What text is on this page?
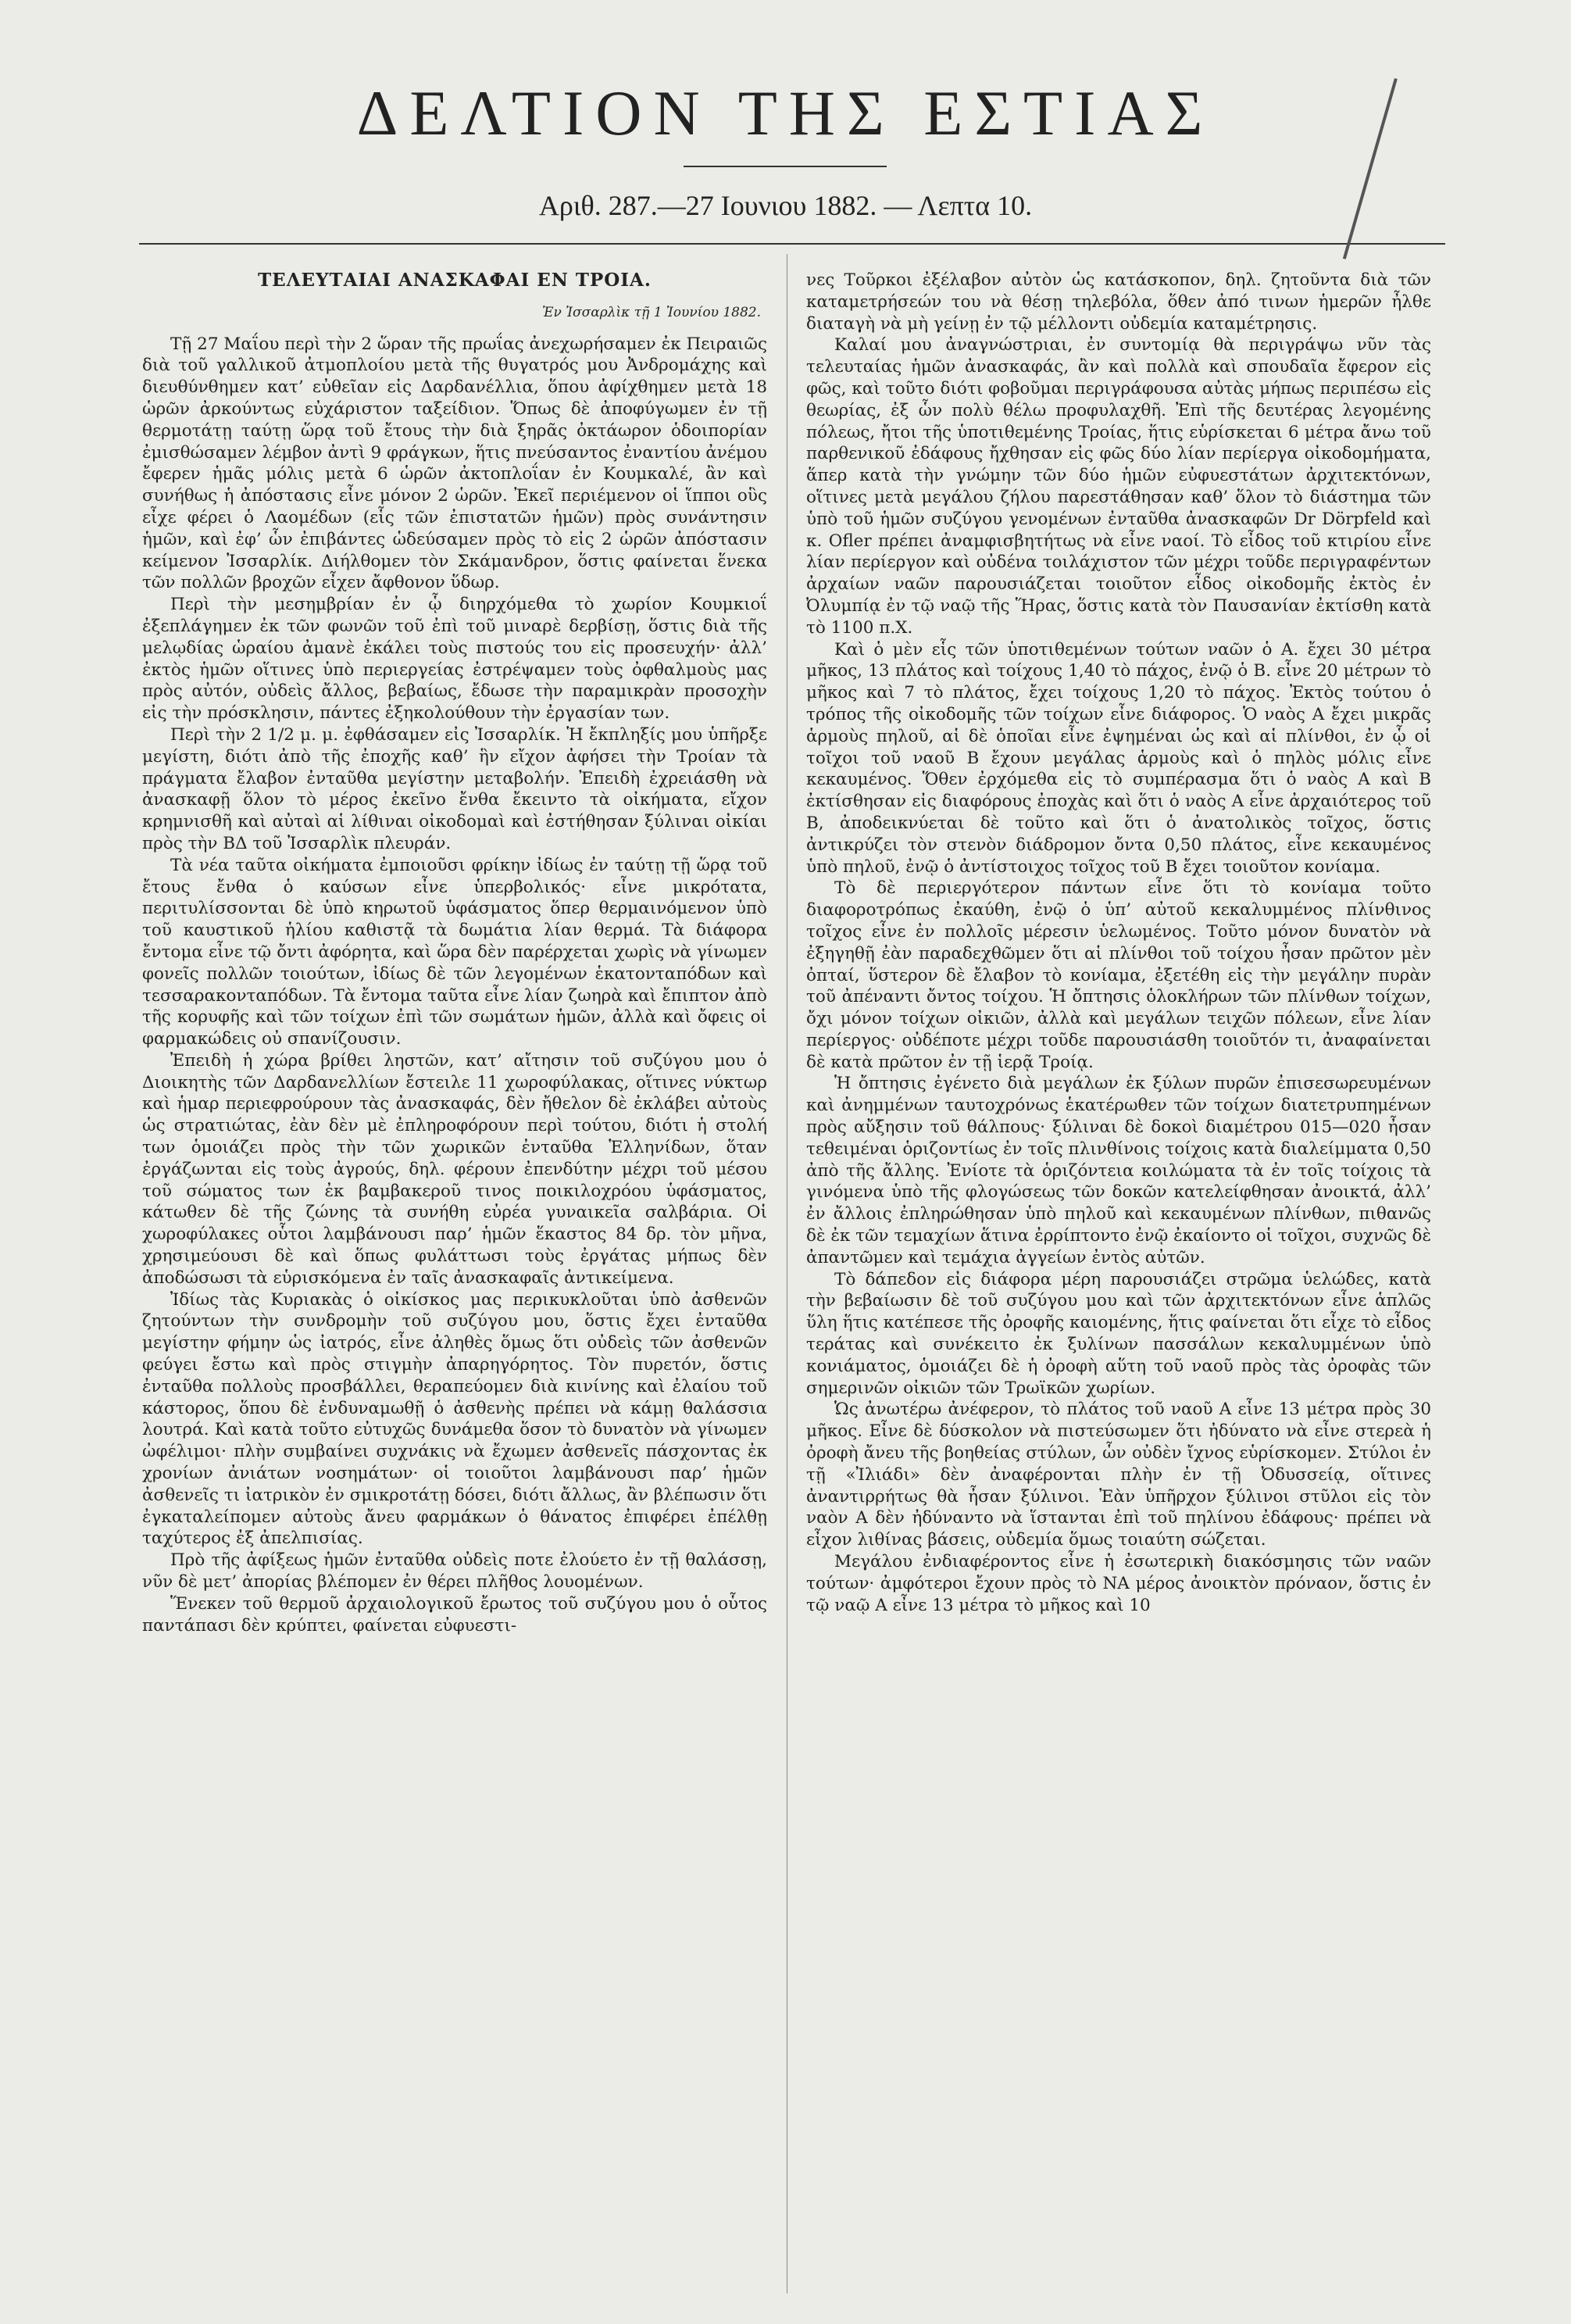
ΔΕΛΤΙΟΝ ΤΗΣ ΕΣΤΙΑΣ
Αριθ. 287.—27 Ιουνιου 1882. — Λεπτα 10.
ΤΕΛΕΥΤΑΙΑΙ ΑΝΑΣΚΑΦΑΙ ΕΝ ΤΡΟΙΑ.
Ἐν Ἰσσαρλὶκ τῇ 1 Ἰουνίου 1882.

Τῇ 27 Μαΐου περὶ τὴν 2 ὥραν τῆς πρωΐας ἀνεχωρήσαμεν ἐκ Πειραιῶς διὰ τοῦ γαλλικοῦ ἀτμοπλοίου μετὰ τῆς θυγατρός μου Ἀνδρομάχης καὶ διευθύνθημεν κατ’ εὐθεῖαν εἰς Δαρδανέλλια, ὅπου ἀφίχθημεν μετὰ 18 ὡρῶν ἀρκούντως εὐχάριστον ταξείδιον. Ὅπως δὲ ἀποφύγωμεν ἐν τῇ θερμοτάτῃ ταύτῃ ὥρᾳ τοῦ ἔτους τὴν διὰ ξηρᾶς ὀκτάωρον ὁδοιπορίαν ἐμισθώσαμεν λέμβον ἀντὶ 9 φράγκων, ἥτις πνεύσαντος ἐναντίου ἀνέμου ἔφερεν ἡμᾶς μόλις μετὰ 6 ὡρῶν ἀκτοπλοΐαν ἐν Κουμκαλέ, ἂν καὶ συνήθως ἡ ἀπόστασις εἶνε μόνον 2 ὡρῶν. Ἐκεῖ περιέμενον οἱ ἵπποι οὓς εἶχε φέρει ὁ Λαομέδων (εἷς τῶν ἐπιστατῶν ἡμῶν) πρὸς συνάντησιν ἡμῶν, καὶ ἐφ’ ὧν ἐπιβάντες ὡδεύσαμεν πρὸς τὸ εἰς 2 ὡρῶν ἀπόστασιν κείμενον Ἰσσαρλίκ. Διήλθομεν τὸν Σκάμανδρον, ὅστις φαίνεται ἕνεκα τῶν πολλῶν βροχῶν εἶχεν ἄφθονον ὕδωρ.

Περὶ τὴν μεσημβρίαν ἐν ᾧ διηρχόμεθα τὸ χωρίον Κουμκιοΐ ἐξεπλάγημεν ἐκ τῶν φωνῶν τοῦ ἐπὶ τοῦ μιναρὲ δερβίσῃ, ὅστις διὰ τῆς μελῳδίας ὡραίου ἀμανὲ ἐκάλει τοὺς πιστούς του εἰς προσευχήν· ἀλλ’ ἐκτὸς ἡμῶν οἵτινες ὑπὸ περιεργείας ἐστρέψαμεν τοὺς ὀφθαλμοὺς μας πρὸς αὐτόν, οὐδεὶς ἄλλος, βεβαίως, ἔδωσε τὴν παραμικρὰν προσοχὴν εἰς τὴν πρόσκλησιν, πάντες ἐξηκολούθουν τὴν ἐργασίαν των.

Περὶ τὴν 2 1/2 μ. μ. ἐφθάσαμεν εἰς Ἰσσαρλίκ. Ἡ ἔκπληξίς μου ὑπῆρξε μεγίστη, διότι ἀπὸ τῆς ἐποχῆς καθ’ ἣν εἴχον ἀφήσει τὴν Τροίαν τὰ πράγματα ἔλαβον ἐνταῦθα μεγίστην μεταβολήν. Ἐπειδὴ ἐχρειάσθη νὰ ἀνασκαφῇ ὅλον τὸ μέρος ἐκεῖνο ἔνθα ἔκειντο τὰ οἰκήματα, εἴχον κρημνισθῆ καὶ αὐταὶ αἱ λίθιναι οἰκοδομαὶ καὶ ἐστήθησαν ξύλιναι οἰκίαι πρὸς τὴν ΒΔ τοῦ Ἰσσαρλὶκ πλευράν.

Τὰ νέα ταῦτα οἰκήματα ἐμποιοῦσι φρίκην ἰδίως ἐν ταύτῃ τῇ ὥρᾳ τοῦ ἔτους ἔνθα ὁ καύσων εἶνε ὑπερβολικός· εἶνε μικρότατα, περιτυλίσσονται δὲ ὑπὸ κηρωτοῦ ὑφάσματος ὅπερ θερμαινόμενον ὑπὸ τοῦ καυστικοῦ ἡλίου καθιστᾷ τὰ δωμάτια λίαν θερμά. Τὰ διάφορα ἔντομα εἶνε τῷ ὄντι ἀφόρητα, καὶ ὥρα δὲν παρέρχεται χωρὶς νὰ γίνωμεν φονεῖς πολλῶν τοιούτων, ἰδίως δὲ τῶν λεγομένων ἑκατονταπόδων καὶ τεσσαρακονταπόδων. Τὰ ἔντομα ταῦτα εἶνε λίαν ζωηρὰ καὶ ἔπιπτον ἀπὸ τῆς κορυφῆς καὶ τῶν τοίχων ἐπὶ τῶν σωμάτων ἡμῶν, ἀλλὰ καὶ ὄφεις οἱ φαρμακώδεις οὐ σπανίζουσιν.

Ἐπειδὴ ἡ χώρα βρίθει ληστῶν, κατ’ αἴτησιν τοῦ συζύγου μου ὁ Διοικητὴς τῶν Δαρδανελλίων ἔστειλε 11 χωροφύλακας, οἵτινες νύκτωρ καὶ ἡμαρ περιεφρούρουν τὰς ἀνασκαφάς, δὲν ἤθελον δὲ ἐκλάβει αὐτοὺς ὡς στρατιώτας, ἐὰν δὲν μὲ ἐπληροφόρουν περὶ τούτου, διότι ἡ στολή των ὁμοιάζει πρὸς τὴν τῶν χωρικῶν ἐνταῦθα Ἑλληνίδων, ὅταν ἐργάζωνται εἰς τοὺς ἀγρούς, δηλ. φέρουν ἐπενδύτην μέχρι τοῦ μέσου τοῦ σώματος των ἐκ βαμβακεροῦ τινος ποικιλοχρόου ὑφάσματος, κάτωθεν δὲ τῆς ζώνης τὰ συνήθη εὐρέα γυναικεῖα σαλβάρια. Οἱ χωροφύλακες οὗτοι λαμβάνουσι παρ’ ἡμῶν ἕκαστος 84 δρ. τὸν μῆνα, χρησιμεύουσι δὲ καὶ ὅπως φυλάττωσι τοὺς ἐργάτας μήπως δὲν ἀποδώσωσι τὰ εὑρισκόμενα ἐν ταῖς ἀνασκαφαῖς ἀντικείμενα.

Ἰδίως τὰς Κυριακὰς ὁ οἰκίσκος μας περικυκλοῦται ὑπὸ ἀσθενῶν ζητούντων τὴν συνδρομὴν τοῦ συζύγου μου, ὅστις ἔχει ἐνταῦθα μεγίστην φήμην ὡς ἰατρός, εἶνε ἀληθὲς ὅμως ὅτι οὐδεὶς τῶν ἀσθενῶν φεύγει ἔστω καὶ πρὸς στιγμὴν ἀπαρηγόρητος. Τὸν πυρετόν, ὅστις ἐνταῦθα πολλοὺς προσβάλλει, θεραπεύομεν διὰ κινίνης καὶ ἐλαίου τοῦ κάστορος, ὅπου δὲ ἐνδυναμωθῇ ὁ ἀσθενὴς πρέπει νὰ κάμῃ θαλάσσια λουτρά. Καὶ κατὰ τοῦτο εὐτυχῶς δυνάμεθα ὅσον τὸ δυνατὸν νὰ γίνωμεν ὠφέλιμοι· πλὴν συμβαίνει συχνάκις νὰ ἔχωμεν ἀσθενεῖς πάσχοντας ἐκ χρονίων ἀνιάτων νοσημάτων· οἱ τοιοῦτοι λαμβάνουσι παρ’ ἡμῶν ἀσθενεῖς τι ἰατρικὸν ἐν σμικροτάτῃ δόσει, διότι ἄλλως, ἂν βλέπωσιν ὅτι ἐγκαταλείπομεν αὐτοὺς ἄνευ φαρμάκων ὁ θάνατος ἐπιφέρει ἐπέλθῃ ταχύτερος ἐξ ἀπελπισίας.

Πρὸ τῆς ἀφίξεως ἡμῶν ἐνταῦθα οὐδεὶς ποτε ἐλούετο ἐν τῇ θαλάσσῃ, νῦν δὲ μετ’ ἀπορίας βλέπομεν ἐν θέρει πλῆθος λουομένων.

Ἕνεκεν τοῦ θερμοῦ ἀρχαιολογικοῦ ἔρωτος τοῦ συζύγου μου ὁ οὗτος παντάπασι δὲν κρύπτει, φαίνεται εὐφυεστι-

νες Τοῦρκοι ἐξέλαβον αὐτὸν ὡς κατάσκοπον, δηλ. ζητοῦντα διὰ τῶν καταμετρήσεών του νὰ θέσῃ τηλεβόλα, ὅθεν ἀπό τινων ἡμερῶν ἦλθε διαταγὴ νὰ μὴ γείνῃ ἐν τῷ μέλλοντι οὐδεμία καταμέτρησις.

Καλαί μου ἀναγνώστριαι, ἐν συντομίᾳ θὰ περιγράψω νῦν τὰς τελευταίας ἡμῶν ἀνασκαφάς, ἂν καὶ πολλὰ καὶ σπουδαῖα ἔφερον εἰς φῶς, καὶ τοῦτο διότι φοβοῦμαι περιγράφουσα αὐτὰς μήπως περιπέσω εἰς θεωρίας, ἐξ ὧν πολὺ θέλω προφυλαχθῆ. Ἐπὶ τῆς δευτέρας λεγομένης πόλεως, ἤτοι τῆς ὑποτιθεμένης Τροίας, ἥτις εὑρίσκεται 6 μέτρα ἄνω τοῦ παρθενικοῦ ἐδάφους ἤχθησαν εἰς φῶς δύο λίαν περίεργα οἰκοδομήματα, ἅπερ κατὰ τὴν γνώμην τῶν δύο ἡμῶν εὐφυεστάτων ἀρχιτεκτόνων, οἵτινες μετὰ μεγάλου ζήλου παρεστάθησαν καθ’ ὅλον τὸ διάστημα τῶν ὑπὸ τοῦ ἡμῶν συζύγου γενομένων ἐνταῦθα ἀνασκαφῶν Dr Dörpfeld καὶ κ. Ofler πρέπει ἀναμφισβητήτως νὰ εἶνε ναοί. Τὸ εἶδος τοῦ κτιρίου εἶνε λίαν περίεργον καὶ οὐδένα τοιλάχιστον τῶν μέχρι τοῦδε περιγραφέντων ἀρχαίων ναῶν παρουσιάζεται τοιοῦτον εἶδος οἰκοδομῆς ἐκτὸς ἐν Ὀλυμπίᾳ ἐν τῷ ναῷ τῆς Ἥρας, ὅστις κατὰ τὸν Παυσανίαν ἐκτίσθη κατὰ τὸ 1100 π.Χ.

Καὶ ὁ μὲν εἷς τῶν ὑποτιθεμένων τούτων ναῶν ὁ Α. ἔχει 30 μέτρα μῆκος, 13 πλάτος καὶ τοίχους 1,40 τὸ πάχος, ἐνῷ ὁ Β. εἶνε 20 μέτρων τὸ μῆκος καὶ 7 τὸ πλάτος, ἔχει τοίχους 1,20 τὸ πάχος. Ἐκτὸς τούτου ὁ τρόπος τῆς οἰκοδομῆς τῶν τοίχων εἶνε διάφορος. Ὁ ναὸς Α ἔχει μικρᾶς ἁρμοὺς πηλοῦ, αἱ δὲ ὁποῖαι εἶνε ἐψημέναι ὡς καὶ αἱ πλίνθοι, ἐν ᾧ οἱ τοῖχοι τοῦ ναοῦ Β ἔχουν μεγάλας ἁρμοὺς καὶ ὁ πηλὸς μόλις εἶνε κεκαυμένος. Ὅθεν ἐρχόμεθα εἰς τὸ συμπέρασμα ὅτι ὁ ναὸς Α καὶ Β ἐκτίσθησαν εἰς διαφόρους ἐποχὰς καὶ ὅτι ὁ ναὸς Α εἶνε ἀρχαιότερος τοῦ Β, ἀποδεικνύεται δὲ τοῦτο καὶ ὅτι ὁ ἀνατολικὸς τοῖχος, ὅστις ἀντικρύζει τὸν στενὸν διάδρομον ὄντα 0,50 πλάτος, εἶνε κεκαυμένος ὑπὸ πηλοῦ, ἐνῷ ὁ ἀντίστοιχος τοῖχος τοῦ Β ἔχει τοιοῦτον κονίαμα.

Τὸ δὲ περιεργότερον πάντων εἶνε ὅτι τὸ κονίαμα τοῦτο διαφοροτρόπως ἐκαύθη, ἐνῷ ὁ ὑπ’ αὐτοῦ κεκαλυμμένος πλίνθινος τοῖχος εἶνε ἐν πολλοῖς μέρεσιν ὑελωμένος. Τοῦτο μόνον δυνατὸν νὰ ἐξηγηθῇ ἐὰν παραδεχθῶμεν ὅτι αἱ πλίνθοι τοῦ τοίχου ἦσαν πρῶτον μὲν ὀπταί, ὕστερον δὲ ἔλαβον τὸ κονίαμα, ἐξετέθη εἰς τὴν μεγάλην πυρὰν τοῦ ἀπέναντι ὄντος τοίχου. Ἡ ὄπτησις ὁλοκλήρων τῶν πλίνθων τοίχων, ὄχι μόνον τοίχων οἰκιῶν, ἀλλὰ καὶ μεγάλων τειχῶν πόλεων, εἶνε λίαν περίεργος· οὐδέποτε μέχρι τοῦδε παρουσιάσθη τοιοῦτόν τι, ἀναφαίνεται δὲ κατὰ πρῶτον ἐν τῇ ἱερᾷ Τροίᾳ.

Ἡ ὄπτησις ἐγένετο διὰ μεγάλων ἐκ ξύλων πυρῶν ἐπισεσωρευμένων καὶ ἀνημμένων ταυτοχρόνως ἑκατέρωθεν τῶν τοίχων διατετρυπημένων πρὸς αὔξησιν τοῦ θάλπους· ξύλιναι δὲ δοκοὶ διαμέτρου 015—020 ἦσαν τεθειμέναι ὁριζοντίως ἐν τοῖς πλινθίνοις τοίχοις κατὰ διαλείμματα 0,50 ἀπὸ τῆς ἄλλης. Ἐνίοτε τὰ ὁριζόντεια κοιλώματα τὰ ἐν τοῖς τοίχοις τὰ γινόμενα ὑπὸ τῆς φλογώσεως τῶν δοκῶν κατελείφθησαν ἀνοικτά, ἀλλ’ ἐν ἄλλοις ἐπληρώθησαν ὑπὸ πηλοῦ καὶ κεκαυμένων πλίνθων, πιθανῶς δὲ ἐκ τῶν τεμαχίων ἅτινα ἐρρίπτοντο ἐνῷ ἐκαίοντο οἱ τοῖχοι, συχνῶς δὲ ἀπαντῶμεν καὶ τεμάχια ἀγγείων ἐντὸς αὐτῶν.

Τὸ δάπεδον εἰς διάφορα μέρη παρουσιάζει στρῶμα ὑελώδες, κατὰ τὴν βεβαίωσιν δὲ τοῦ συζύγου μου καὶ τῶν ἀρχιτεκτόνων εἶνε ἁπλῶς ὕλη ἥτις κατέπεσε τῆς ὀροφῆς καιομένης, ἥτις φαίνεται ὅτι εἶχε τὸ εἶδος τεράτας καὶ συνέκειτο ἐκ ξυλίνων πασσάλων κεκαλυμμένων ὑπὸ κονιάματος, ὁμοιάζει δὲ ἡ ὀροφὴ αὕτη τοῦ ναοῦ πρὸς τὰς ὀροφὰς τῶν σημερινῶν οἰκιῶν τῶν Τρωϊκῶν χωρίων.

Ὡς ἀνωτέρω ἀνέφερον, τὸ πλάτος τοῦ ναοῦ Α εἶνε 13 μέτρα πρὸς 30 μῆκος. Εἶνε δὲ δύσκολον νὰ πιστεύσωμεν ὅτι ἠδύνατο νὰ εἶνε στερεὰ ἡ ὀροφὴ ἄνευ τῆς βοηθείας στύλων, ὧν οὐδὲν ἴχνος εὑρίσκομεν. Στύλοι ἐν τῇ «Ἰλιάδι» δὲν ἀναφέρονται πλὴν ἐν τῇ Ὀδυσσείᾳ, οἵτινες ἀναντιρρήτως θὰ ἦσαν ξύλινοι. Ἐὰν ὑπῆρχον ξύλινοι στῦλοι εἰς τὸν ναὸν Α δὲν ἠδύναντο νὰ ἵστανται ἐπὶ τοῦ πηλίνου ἐδάφους· πρέπει νὰ εἶχον λιθίνας βάσεις, οὐδεμία ὅμως τοιαύτη σώζεται.

Μεγάλου ἐνδιαφέροντος εἶνε ἡ ἐσωτερικὴ διακόσμησις τῶν ναῶν τούτων· ἀμφότεροι ἔχουν πρὸς τὸ ΝΑ μέρος ἀνοικτὸν πρόναον, ὅστις ἐν τῷ ναῷ Α εἶνε 13 μέτρα τὸ μῆκος καὶ 10
